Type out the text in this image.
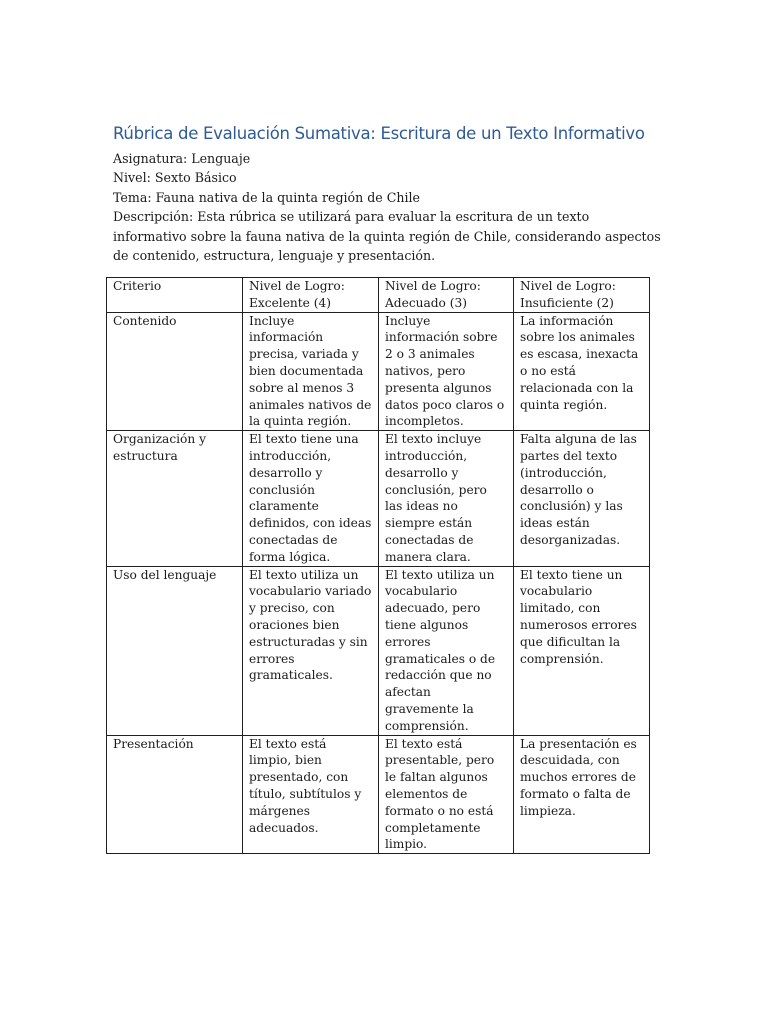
Rúbrica de Evaluación Sumativa: Escritura de un Texto Informativo
Asignatura: Lenguaje
Nivel: Sexto Básico
Tema: Fauna nativa de la quinta región de Chile
Descripción: Esta rúbrica se utilizará para evaluar la escritura de un texto informativo sobre la fauna nativa de la quinta región de Chile, considerando aspectos de contenido, estructura, lenguaje y presentación.
Criterio	Nivel de Logro: Excelente (4)	Nivel de Logro: Adecuado (3)	Nivel de Logro: Insuficiente (2)
Contenido	Incluye información precisa, variada y bien documentada sobre al menos 3 animales nativos de la quinta región.	Incluye información sobre 2 o 3 animales nativos, pero presenta algunos datos poco claros o incompletos.	La información sobre los animales es escasa, inexacta o no está relacionada con la quinta región.
Organización y estructura	El texto tiene una introducción, desarrollo y conclusión claramente definidos, con ideas conectadas de forma lógica.	El texto incluye introducción, desarrollo y conclusión, pero las ideas no siempre están conectadas de manera clara.	Falta alguna de las partes del texto (introducción, desarrollo o conclusión) y las ideas están desorganizadas.
Uso del lenguaje	El texto utiliza un vocabulario variado y preciso, con oraciones bien estructuradas y sin errores gramaticales.	El texto utiliza un vocabulario adecuado, pero tiene algunos errores gramaticales o de redacción que no afectan gravemente la comprensión.	El texto tiene un vocabulario limitado, con numerosos errores que dificultan la comprensión.
Presentación	El texto está limpio, bien presentado, con título, subtítulos y márgenes adecuados.	El texto está presentable, pero le faltan algunos elementos de formato o no está completamente limpio.	La presentación es descuidada, con muchos errores de formato o falta de limpieza.
